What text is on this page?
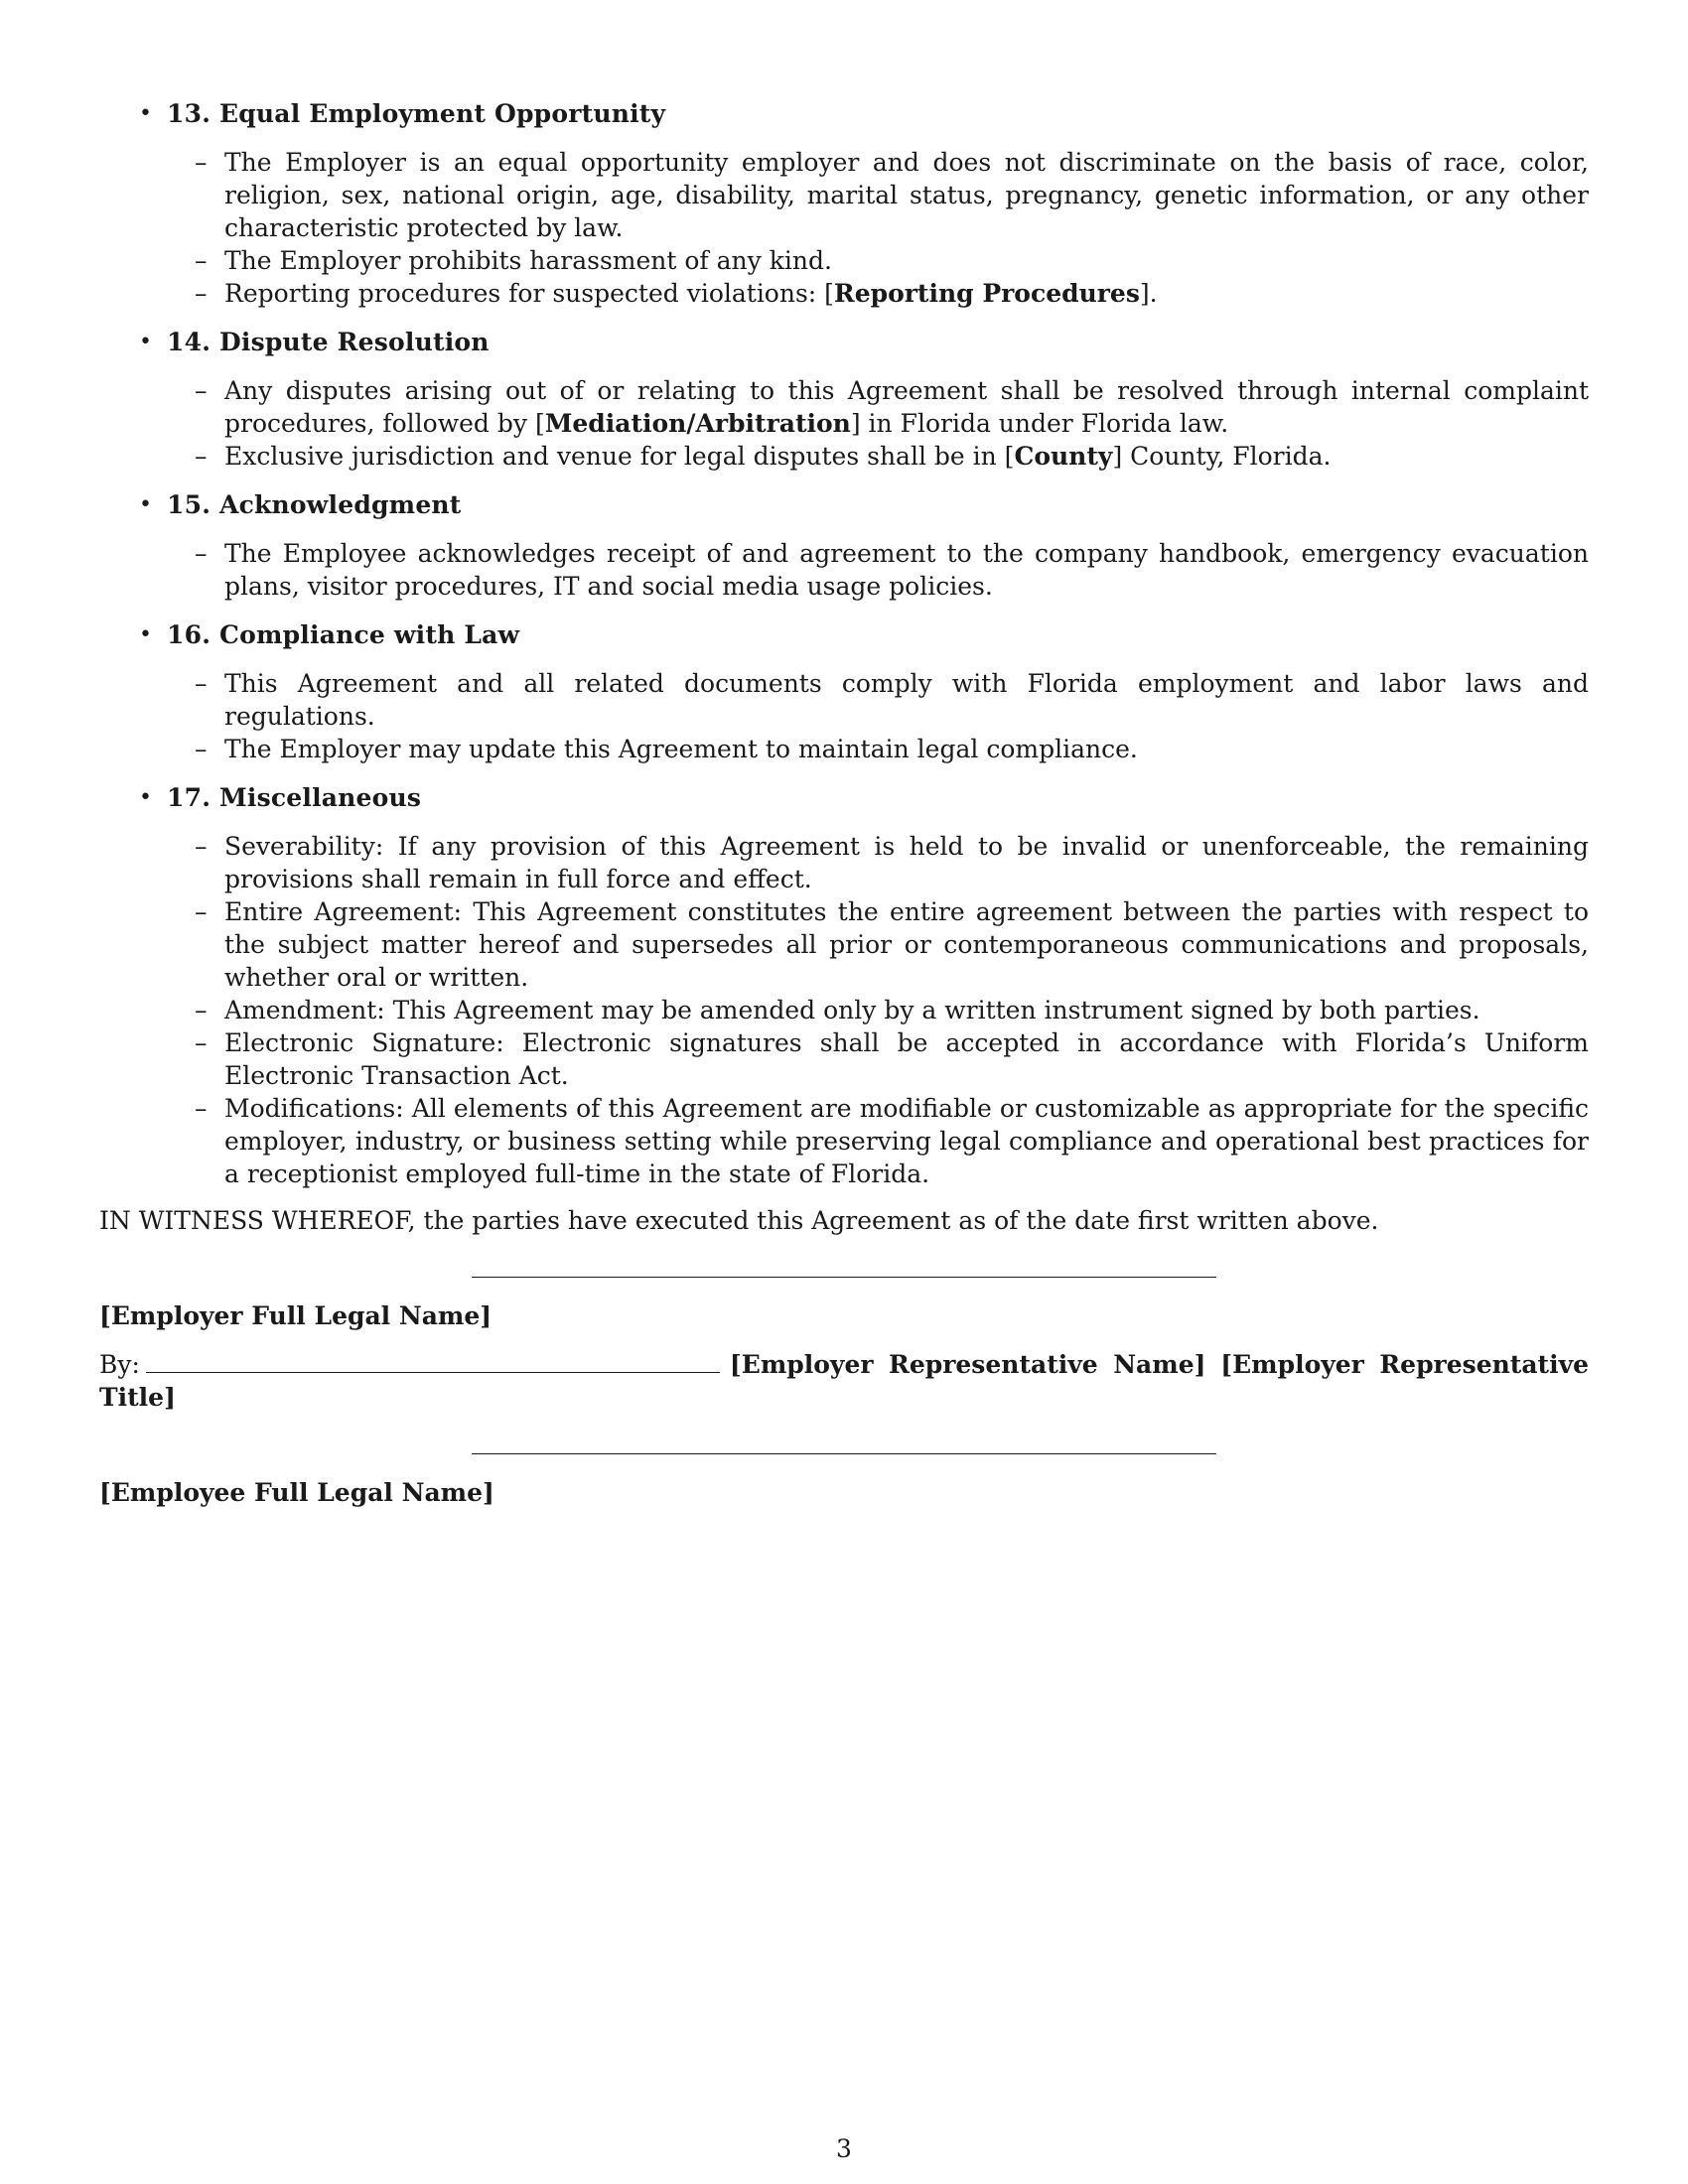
• 13. Equal Employment Opportunity
– The Employer is an equal opportunity employer and does not discriminate on the basis of race, color, religion, sex, national origin, age, disability, marital status, pregnancy, genetic information, or any other characteristic protected by law.
– The Employer prohibits harassment of any kind.
– Reporting procedures for suspected violations: [Reporting Procedures].
• 14. Dispute Resolution
– Any disputes arising out of or relating to this Agreement shall be resolved through internal complaint procedures, followed by [Mediation/Arbitration] in Florida under Florida law.
– Exclusive jurisdiction and venue for legal disputes shall be in [County] County, Florida.
• 15. Acknowledgment
– The Employee acknowledges receipt of and agreement to the company handbook, emergency evacuation plans, visitor procedures, IT and social media usage policies.
• 16. Compliance with Law
– This Agreement and all related documents comply with Florida employment and labor laws and regulations.
– The Employer may update this Agreement to maintain legal compliance.
• 17. Miscellaneous
– Severability: If any provision of this Agreement is held to be invalid or unenforceable, the remaining provisions shall remain in full force and effect.
– Entire Agreement: This Agreement constitutes the entire agreement between the parties with respect to the subject matter hereof and supersedes all prior or contemporaneous communications and proposals, whether oral or written.
– Amendment: This Agreement may be amended only by a written instrument signed by both parties.
– Electronic Signature: Electronic signatures shall be accepted in accordance with Florida’s Uniform Electronic Transaction Act.
– Modifications: All elements of this Agreement are modifiable or customizable as appropriate for the specific employer, industry, or business setting while preserving legal compliance and operational best practices for a receptionist employed full-time in the state of Florida.
IN WITNESS WHEREOF, the parties have executed this Agreement as of the date first written above.
[Employer Full Legal Name]
By:	[Employer Representative Name] [Employer Representative Title]
[Employee Full Legal Name]
3
